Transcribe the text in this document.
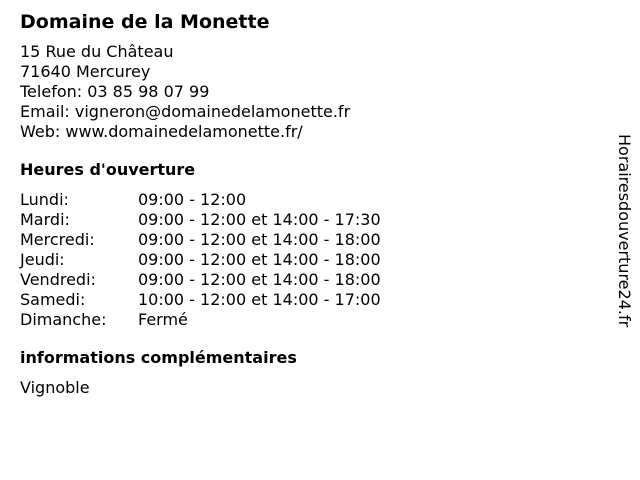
Domaine de la Monette
15 Rue du Château
71640 Mercurey
Telefon: 03 85 98 07 99
Email: vigneron@domainedelamonette.fr
Web: www.domainedelamonette.fr/
Heures d'ouverture
Lundi:	09:00 - 12:00
Mardi:	09:00 - 12:00 et 14:00 - 17:30
Mercredi:	09:00 - 12:00 et 14:00 - 18:00
Jeudi:	09:00 - 12:00 et 14:00 - 18:00
Vendredi:	09:00 - 12:00 et 14:00 - 18:00
Samedi:	10:00 - 12:00 et 14:00 - 17:00
Dimanche:	Fermé
informations complémentaires
Vignoble
Horairesdouverture24.fr
